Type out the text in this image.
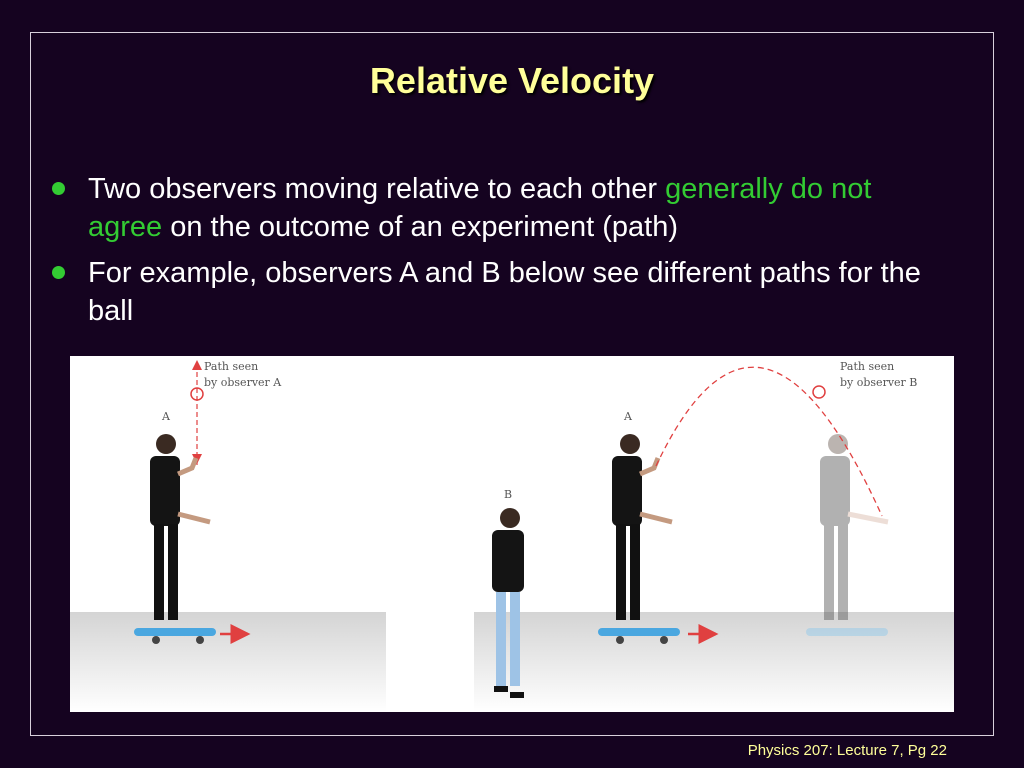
Relative Velocity
Two observers moving relative to each other generally do not agree on the outcome of an experiment (path)
For example, observers A and B below see different paths for the ball
Path seen
by observer A
A
B
A
Path seen
by observer B
Physics 207: Lecture 7, Pg 22
